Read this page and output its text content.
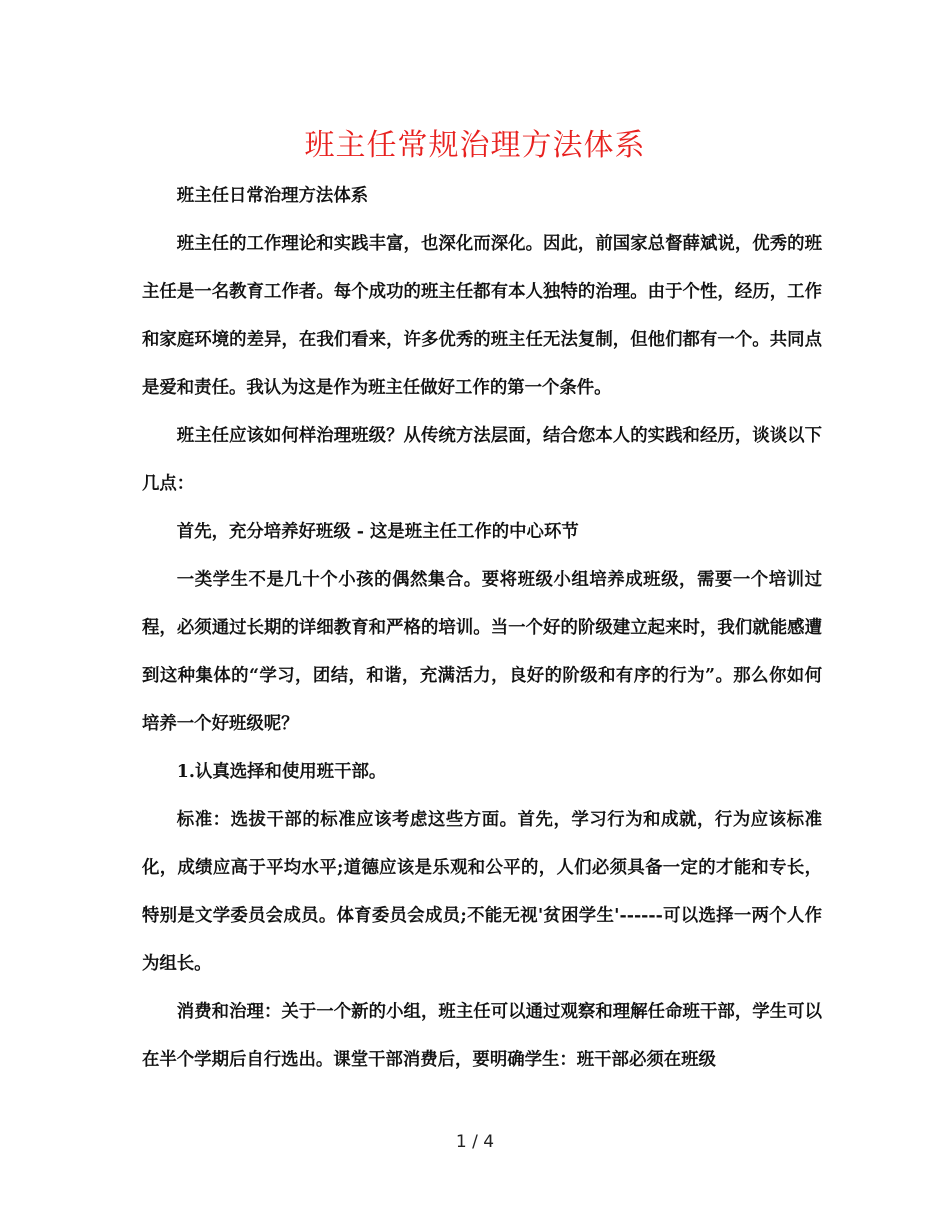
班主任常规治理方法体系

班主任日常治理方法体系

班主任的工作理论和实践丰富，也深化而深化。因此，前国家总督薛斌说，优秀的班主任是一名教育工作者。每个成功的班主任都有本人独特的治理。由于个性，经历，工作和家庭环境的差异，在我们看来，许多优秀的班主任无法复制，但他们都有一个。共同点是爱和责任。我认为这是作为班主任做好工作的第一个条件。

班主任应该如何样治理班级？从传统方法层面，结合您本人的实践和经历，谈谈以下几点：

首先，充分培养好班级 - 这是班主任工作的中心环节

一类学生不是几十个小孩的偶然集合。要将班级小组培养成班级，需要一个培训过程，必须通过长期的详细教育和严格的培训。当一个好的阶级建立起来时，我们就能感遭到这种集体的“学习，团结，和谐，充满活力，良好的阶级和有序的行为”。那么你如何培养一个好班级呢？

1.认真选择和使用班干部。

标准：选拔干部的标准应该考虑这些方面。首先，学习行为和成就，行为应该标准化，成绩应高于平均水平;道德应该是乐观和公平的，人们必须具备一定的才能和专长，特别是文学委员会成员。体育委员会成员;不能无视'贫困学生'------可以选择一两个人作为组长。

消费和治理：关于一个新的小组，班主任可以通过观察和理解任命班干部，学生可以在半个学期后自行选出。课堂干部消费后，要明确学生：班干部必须在班级

1 / 4
